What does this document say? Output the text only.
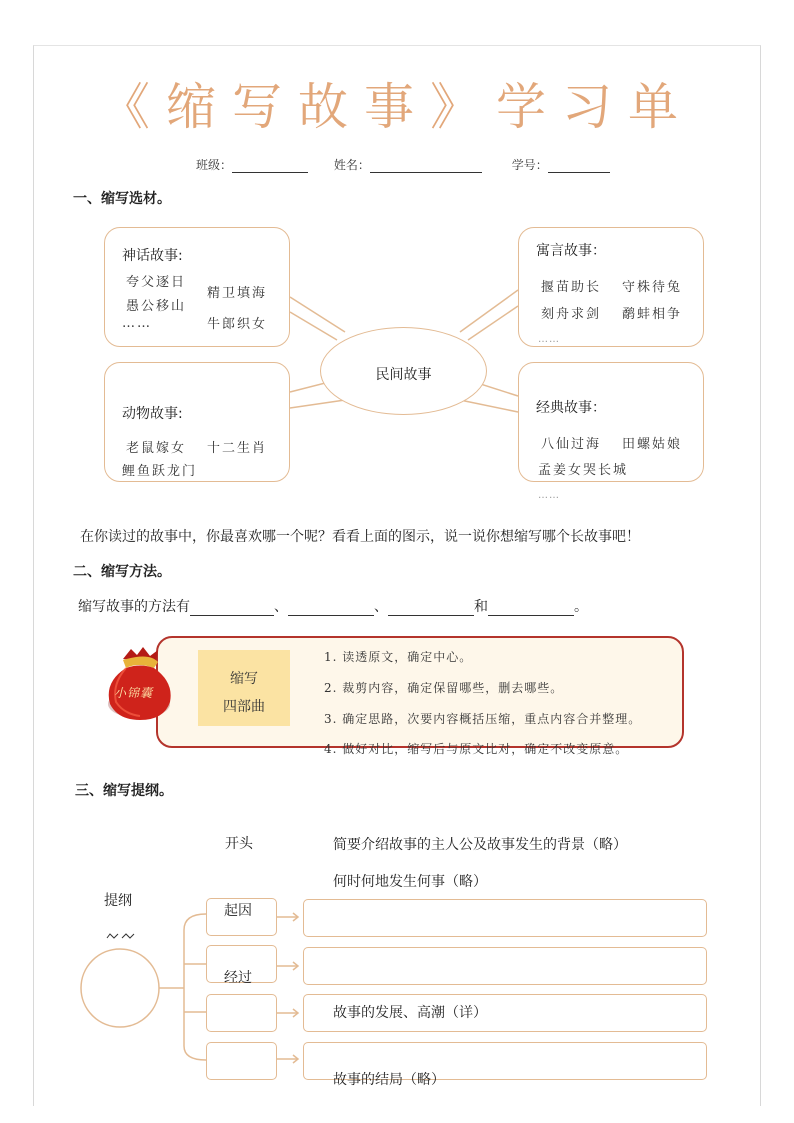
《缩写故事》学习单
班级：	姓名：	学号：
一、缩写选材。
民间故事
神话故事:
夸父逐日
愚公移山
精卫填海
……	牛郎织女
寓言故事：
揠苗助长 守株待兔
刻舟求剑 鹬蚌相争
……
动物故事:
老鼠嫁女 十二生肖
鲤鱼跃龙门
经典故事：
八仙过海 田螺姑娘
孟姜女哭长城
……
在你读过的故事中，你最喜欢哪一个呢？看看上面的图示，说一说你想缩写哪个长故事吧！
二、缩写方法。
缩写故事的方法有	、	、	和	。
小锦囊
缩写
四部曲
1. 读透原文，确定中心。
2. 裁剪内容，确定保留哪些，删去哪些。
3. 确定思路，次要内容概括压缩，重点内容合并整理。
4. 做好对比，缩写后与原文比对，确定不改变原意。
三、缩写提纲。
开头	简要介绍故事的主人公及故事发生的背景（略）
何时何地发生何事（略）
提纲
起因
经过
故事的发展、高潮（详）
故事的结局（略）
